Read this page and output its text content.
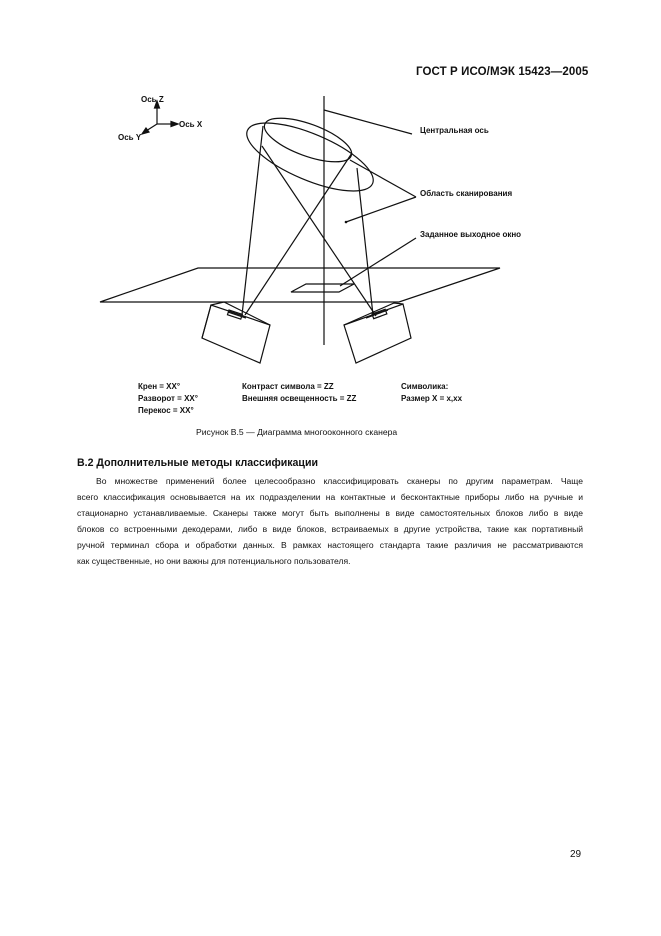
ГОСТ Р ИСО/МЭК 15423—2005
Ось Z
Ось X
Ось Y
Центральная ось
Область сканирования
Заданное выходное окно
Крен = XX°
Разворот = XX°
Перекос = XX°
Контраст символа = ZZ
Внешняя освещенность = ZZ
Символика:
Размер X = x,xx
Рисунок В.5 — Диаграмма многооконного сканера
В.2 Дополнительные методы классификации
Во множестве применений более целесообразно классифицировать сканеры по другим параметрам. Чаще
всего классификация основывается на их подразделении на контактные и бесконтактные приборы либо на ручные и
стационарно устанавливаемые. Сканеры также могут быть выполнены в виде самостоятельных блоков либо в виде
блоков со встроенными декодерами, либо в виде блоков, встраиваемых в другие устройства, такие как портативный
ручной терминал сбора и обработки данных. В рамках настоящего стандарта такие различия не рассматриваются
как существенные, но они важны для потенциального пользователя.
29
